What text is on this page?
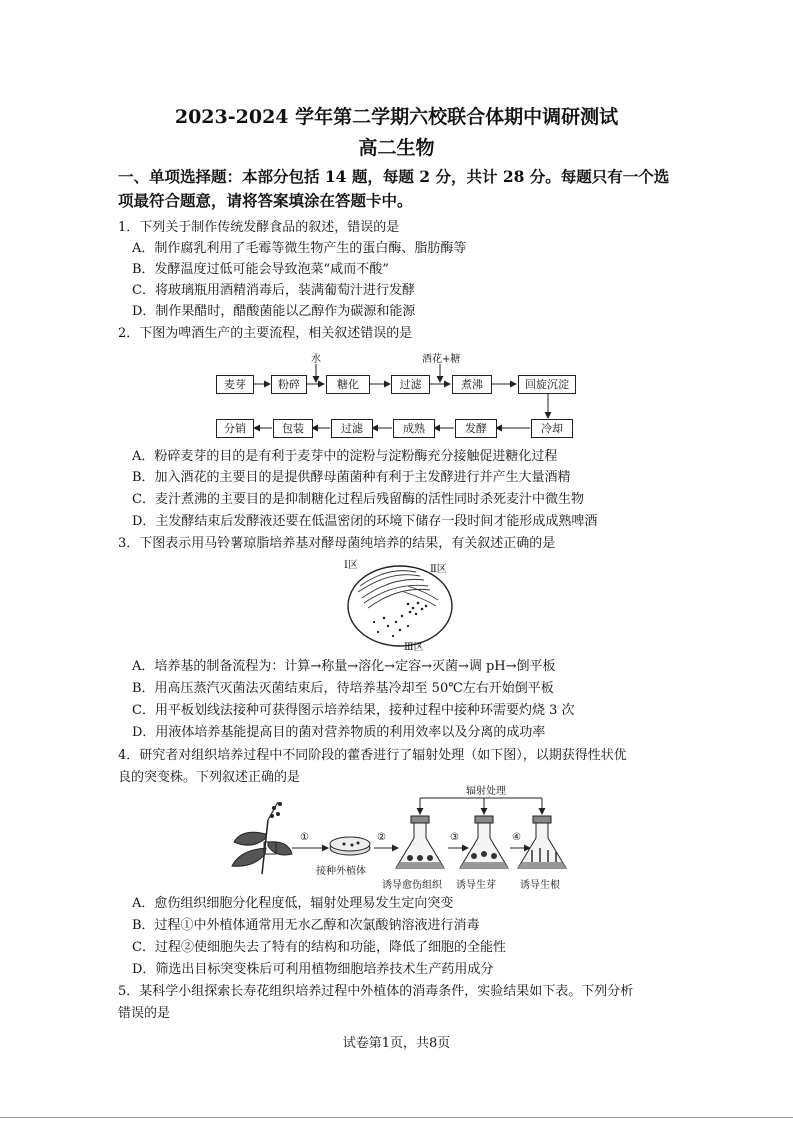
2023-2024 学年第二学期六校联合体期中调研测试
高二生物
一、单项选择题：本部分包括 14 题，每题 2 分，共计 28 分。每题只有一个选
项最符合题意，请将答案填涂在答题卡中。
1．下列关于制作传统发酵食品的叙述，错误的是
A．制作腐乳利用了毛霉等微生物产生的蛋白酶、脂肪酶等
B．发酵温度过低可能会导致泡菜“咸而不酸”
C．将玻璃瓶用酒精消毒后，装满葡萄汁进行发酵
D．制作果醋时，醋酸菌能以乙醇作为碳源和能源
2．下图为啤酒生产的主要流程，相关叙述错误的是
水	酒花+糖
麦芽	粉碎	糖化	过滤	煮沸	回旋沉淀
分销	包装	过滤	成熟	发酵	冷却
A．粉碎麦芽的目的是有利于麦芽中的淀粉与淀粉酶充分接触促进糖化过程
B．加入酒花的主要目的是提供酵母菌菌种有利于主发酵进行并产生大量酒精
C．麦汁煮沸的主要目的是抑制糖化过程后残留酶的活性同时杀死麦汁中微生物
D．主发酵结束后发酵液还要在低温密闭的环境下储存一段时间才能形成成熟啤酒
3．下图表示用马铃薯琼脂培养基对酵母菌纯培养的结果，有关叙述正确的是
Ⅰ区	Ⅱ区
Ⅲ区
A．培养基的制备流程为：计算→称量→溶化→定容→灭菌→调 pH→倒平板
B．用高压蒸汽灭菌法灭菌结束后，待培养基冷却至 50℃左右开始倒平板
C．用平板划线法接种可获得图示培养结果，接种过程中接种环需要灼烧 3 次
D．用液体培养基能提高目的菌对营养物质的利用效率以及分离的成功率
4．研究者对组织培养过程中不同阶段的藿香进行了辐射处理（如下图），以期获得性状优
良的突变株。下列叙述正确的是
辐射处理
①	②	③	④
接种外植体
诱导愈伤组织 诱导生芽 诱导生根
A．愈伤组织细胞分化程度低，辐射处理易发生定向突变
B．过程①中外植体通常用无水乙醇和次氯酸钠溶液进行消毒
C．过程②使细胞失去了特有的结构和功能，降低了细胞的全能性
D．筛选出目标突变株后可利用植物细胞培养技术生产药用成分
5．某科学小组探索长寿花组织培养过程中外植体的消毒条件，实验结果如下表。下列分析
错误的是
试卷第1页，共8页
